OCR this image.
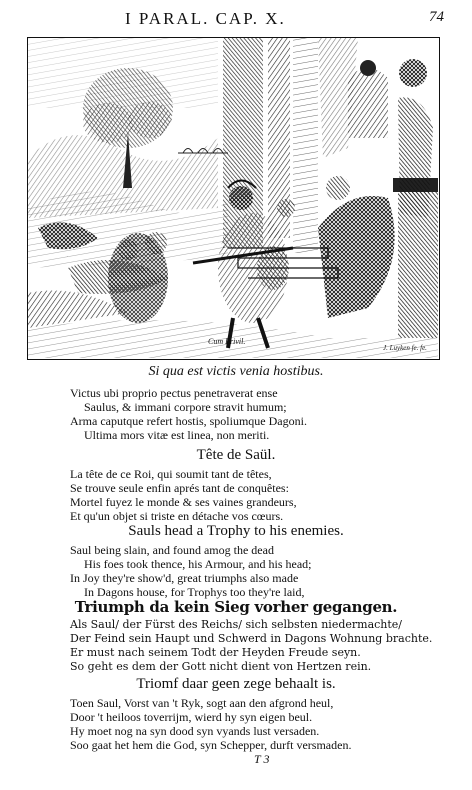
I PARAL. CAP. X.	74
Cum Privil.
J. Luyken fe. fe.
Si qua est victis venia hostibus.
Victus ubi proprio pectus penetraverat ense
Saulus, & immani corpore stravit humum;
Arma caputque refert hostis, spoliumque Dagoni.
Ultima mors vitæ est linea, non meriti.
Tête de Saül.
La tête de ce Roi, qui soumit tant de têtes,
Se trouve seule enfin aprés tant de conquêtes:
Mortel fuyez le monde & ses vaines grandeurs,
Et qu'un objet si triste en détache vos cœurs.
Sauls head a Trophy to his enemies.
Saul being slain, and found amog the dead
His foes took thence, his Armour, and his head;
In Joy they're show'd, great triumphs also made
In Dagons house, for Trophys too they're laid,
Triumph da kein Sieg vorher gegangen.
Als Saul/ der Fürst des Reichs/ sich selbsten niedermachte/
Der Feind sein Haupt und Schwerd in Dagons Wohnung brachte.
Er must nach seinem Todt der Heyden Freude seyn.
So geht es dem der Gott nicht dient von Hertzen rein.
Triomf daar geen zege behaalt is.
Toen Saul, Vorst van 't Ryk, sogt aan den afgrond heul,
Door 't heiloos toverrijm, wierd hy syn eigen beul.
Hy moet nog na syn dood syn vyands lust versaden.
Soo gaat het hem die God, syn Schepper, durft versmaden.
T 3
